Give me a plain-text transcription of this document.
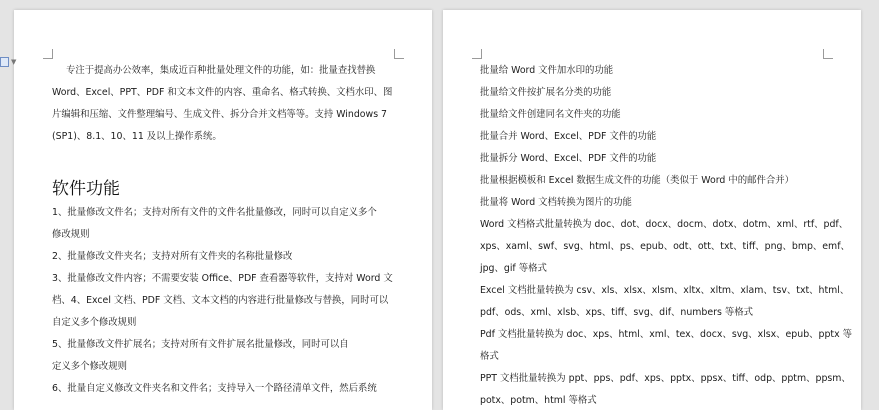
专注于提高办公效率，集成近百种批量处理文件的功能，如：批量查找替换
Word、Excel、PPT、PDF 和文本文件的内容、重命名、格式转换、文档水印、图
片编辑和压缩、文件整理编号、生成文件、拆分合并文档等等。支持 Windows 7
(SP1)、8.1、10、11 及以上操作系统。
软件功能
1、批量修改文件名；支持对所有文件的文件名批量修改，同时可以自定义多个
修改规则
2、批量修改文件夹名；支持对所有文件夹的名称批量修改
3、批量修改文件内容；不需要安装 Office、PDF 查看器等软件，支持对 Word 文
档、4、Excel 文档、PDF 文档、文本文档的内容进行批量修改与替换，同时可以
自定义多个修改规则
5、批量修改文件扩展名；支持对所有文件扩展名批量修改，同时可以自
定义多个修改规则
6、批量自定义修改文件夹名和文件名；支持导入一个路径清单文件，然后系统
▼
批量给 Word 文件加水印的功能
批量给文件按扩展名分类的功能
批量给文件创建同名文件夹的功能
批量合并 Word、Excel、PDF 文件的功能
批量拆分 Word、Excel、PDF 文件的功能
批量根据模板和 Excel 数据生成文件的功能（类似于 Word 中的邮件合并）
批量将 Word 文档转换为图片的功能
Word 文档格式批量转换为 doc、dot、docx、docm、dotx、dotm、xml、rtf、pdf、
xps、xaml、swf、svg、html、ps、epub、odt、ott、txt、tiff、png、bmp、emf、
jpg、gif 等格式
Excel 文档批量转换为 csv、xls、xlsx、xlsm、xltx、xltm、xlam、tsv、txt、html、
pdf、ods、xml、xlsb、xps、tiff、svg、dif、numbers 等格式
Pdf 文档批量转换为 doc、xps、html、xml、tex、docx、svg、xlsx、epub、pptx 等
格式
PPT 文档批量转换为 ppt、pps、pdf、xps、pptx、ppsx、tiff、odp、pptm、ppsm、
potx、potm、html 等格式
